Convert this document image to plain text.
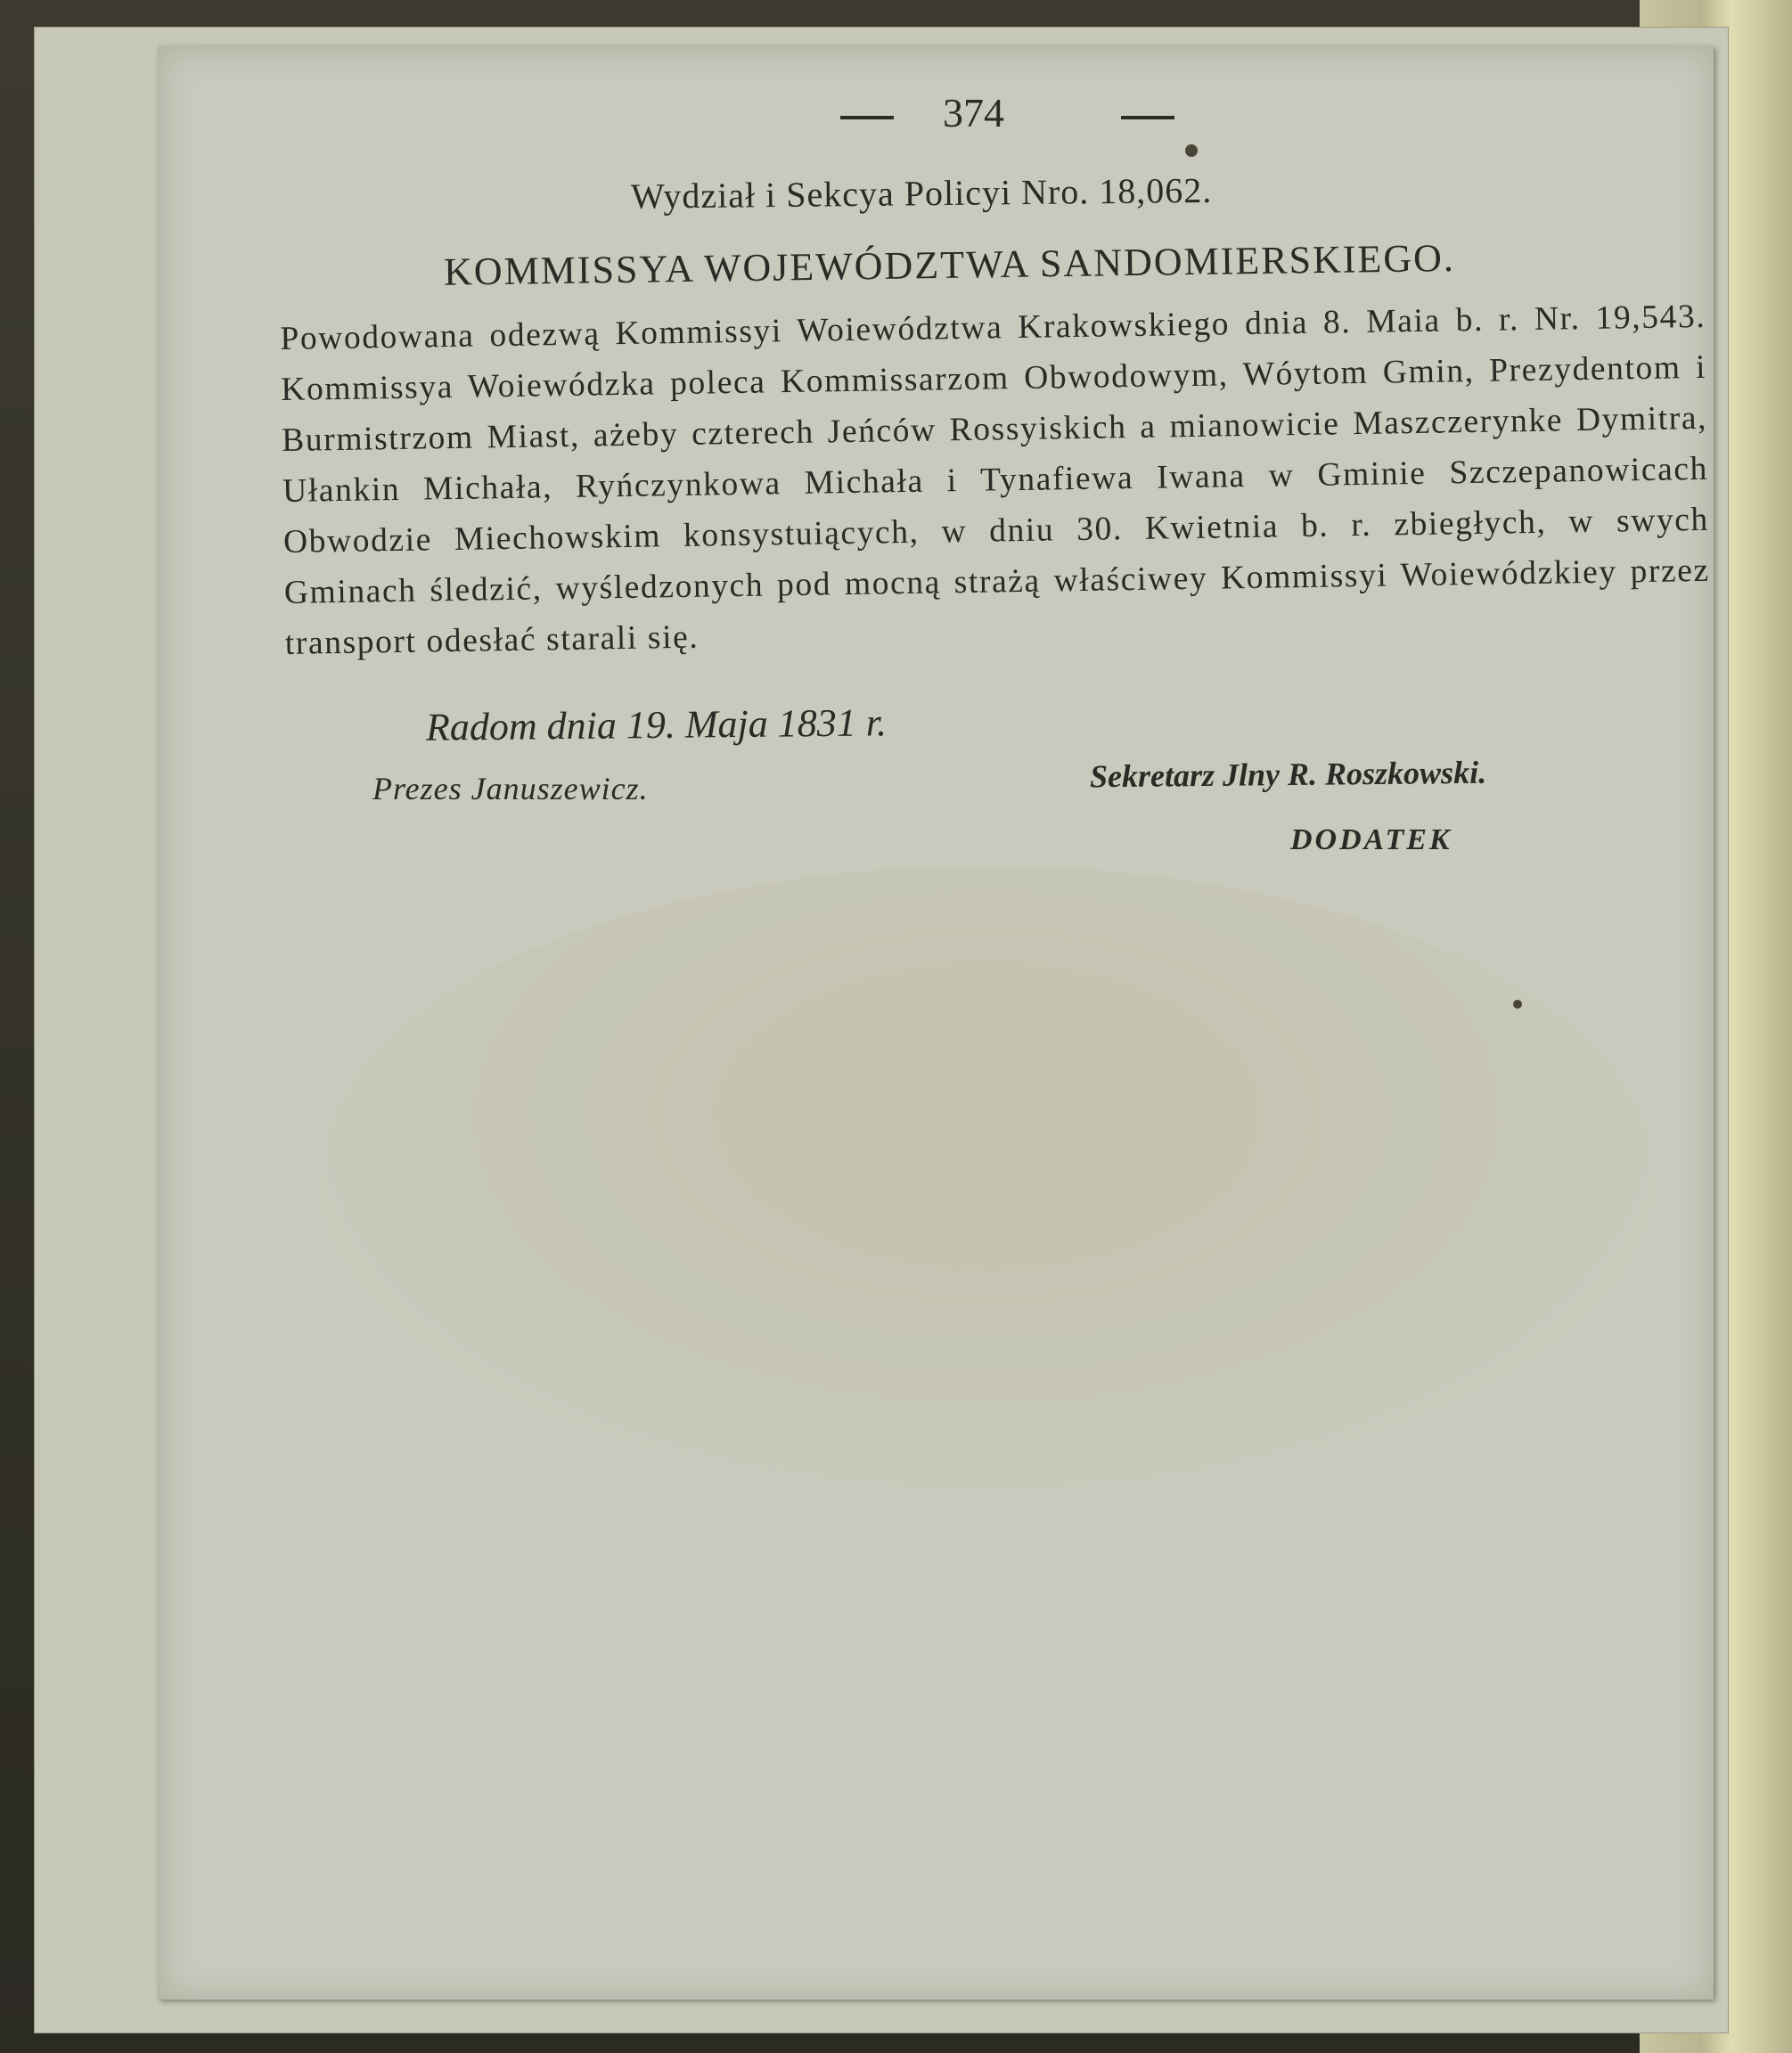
374
Wydział i Sekcya Policyi Nro. 18,062.
KOMMISSYA WOJEWÓDZTWA SANDOMIERSKIEGO.
Powodowana odezwą Kommissyi Woiewództwa Krakowskiego dnia 8. Maia b. r. Nr. 19,543. Kommissya Woiewódzka poleca Kommissarzom Obwodowym, Wóytom Gmin, Prezydentom i Burmistrzom Miast, ażeby czterech Jeńców Rossyiskich a mianowicie Maszczerynke Dymitra, Ułankin Michała, Ryńczynkowa Michała i Tynafiewa Iwana w Gminie Szczepanowicach Obwodzie Miechowskim konsystuiących, w dniu 30. Kwietnia b. r. zbiegłych, w swych Gminach śledzić, wyśledzonych pod mocną strażą właściwey Kommissyi Woiewódzkiey przez transport odesłać starali się.
Radom dnia 19. Maja 1831 r.
Prezes Januszewicz.	Sekretarz Jlny R. Roszkowski.
DODATEK
